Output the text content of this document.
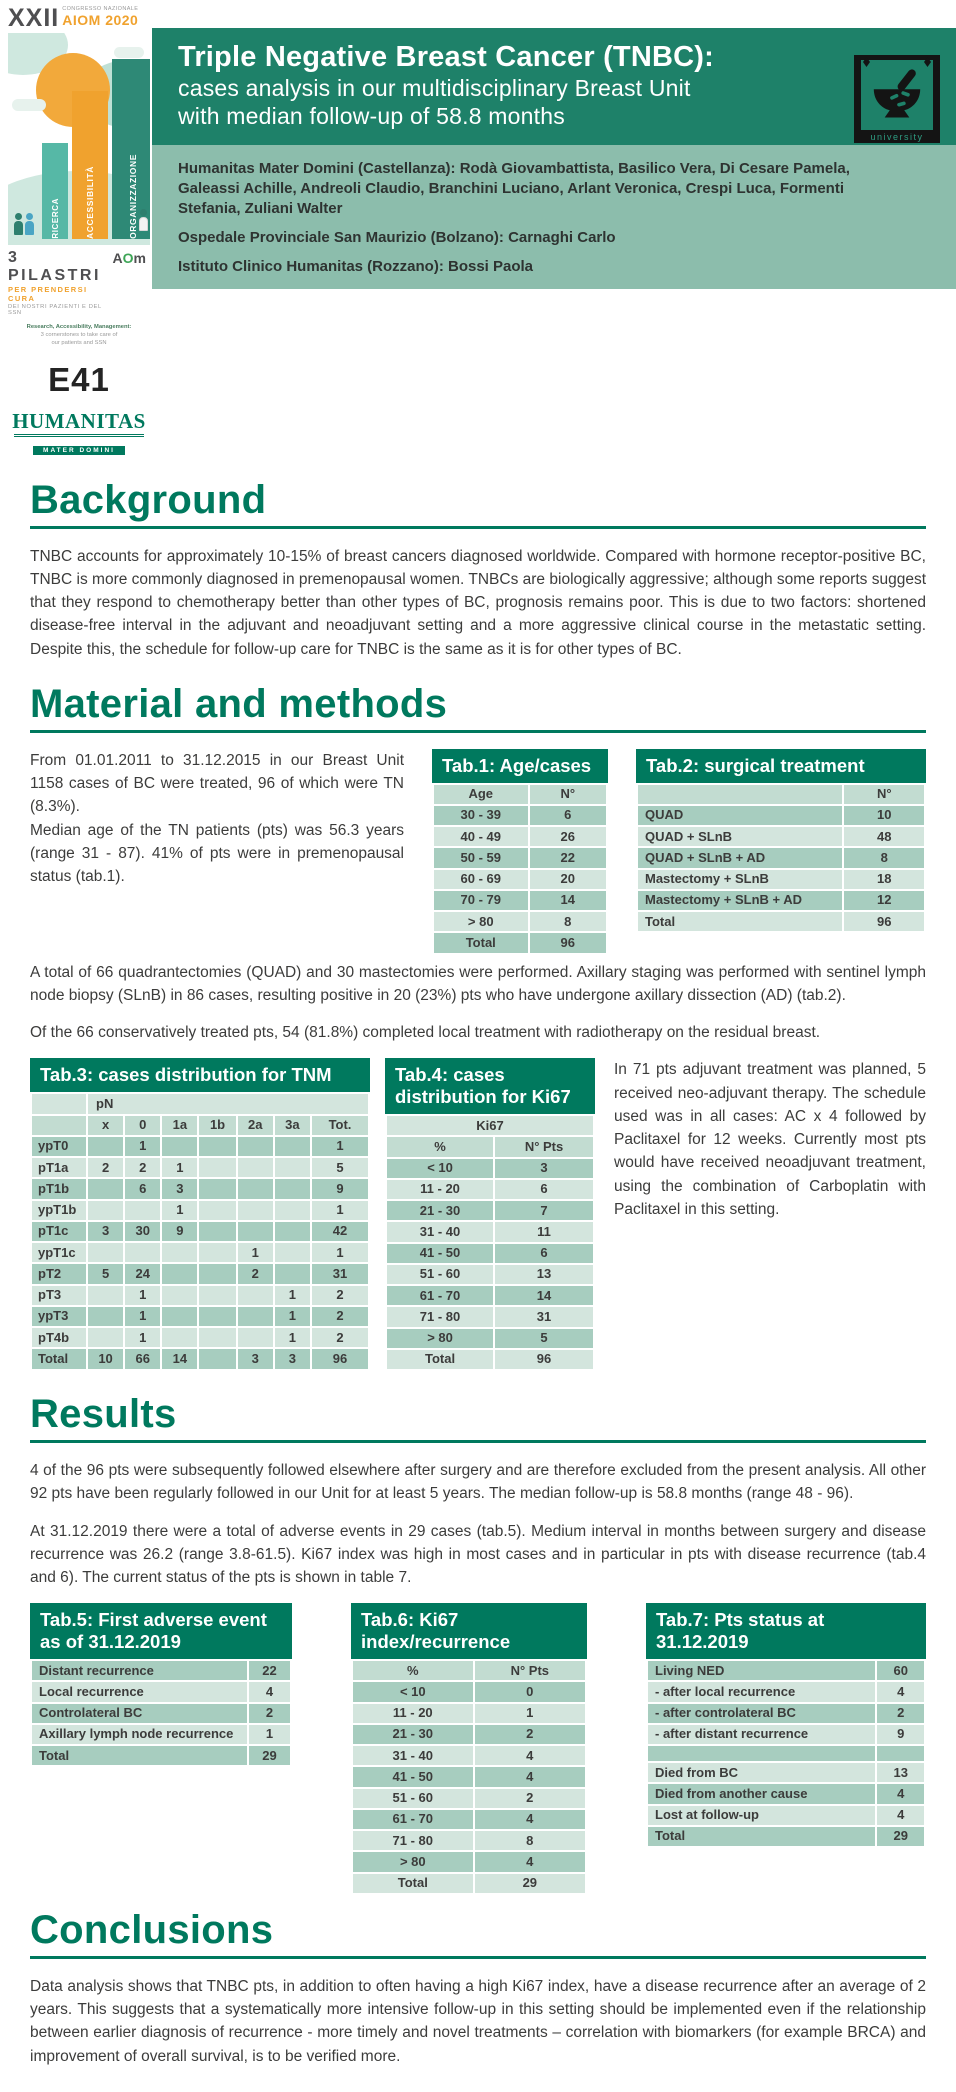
XXII CONGRESSO NAZIONALE
AIOM 2020
RICERCA	ACCESSIBILITÀ	ORGANIZZAZIONE
3 PILASTRI
PER PRENDERSI CURA
DEI NOSTRI PAZIENTI E DEL SSN
AOm
Research, Accessibility, Management:
3 cornerstones to take care of
our patients and SSN
E41
HUMANITAS
MATER DOMINI
Triple Negative Breast Cancer (TNBC):
cases analysis in our multidisciplinary Breast Unit
with median follow-up of 58.8 months
university

Humanitas Mater Domini (Castellanza): Rodà Giovambattista, Basilico Vera, Di Cesare Pamela, Galeassi Achille, Andreoli Claudio, Branchini Luciano, Arlant Veronica, Crespi Luca, Formenti Stefania, Zuliani Walter

Ospedale Provinciale San Maurizio (Bolzano): Carnaghi Carlo

Istituto Clinico Humanitas (Rozzano): Bossi Paola

Background

TNBC accounts for approximately 10-15% of breast cancers diagnosed worldwide. Compared with hormone receptor-positive BC, TNBC is more commonly diagnosed in premenopausal women. TNBCs are biologically aggressive; although some reports suggest that they respond to chemotherapy better than other types of BC, prognosis remains poor. This is due to two factors: shortened disease-free interval in the adjuvant and neoadjuvant setting and a more aggressive clinical course in the metastatic setting. Despite this, the schedule for follow-up care for TNBC is the same as it is for other types of BC.

Material and methods

From 01.01.2011 to 31.12.2015 in our Breast Unit 1158 cases of BC were treated, 96 of which were TN (8.3%).

Median age of the TN patients (pts) was 56.3 years (range 31 - 87). 41% of pts were in premenopausal status (tab.1).

Tab.1: Age/cases
Age	N°
30 - 39	6
40 - 49	26
50 - 59	22
60 - 69	20
70 - 79	14
> 80	8
Total	96
Tab.2: surgical treatment
	N°
QUAD	10
QUAD + SLnB	48
QUAD + SLnB + AD	8
Mastectomy + SLnB	18
Mastectomy + SLnB + AD	12
Total	96

A total of 66 quadrantectomies (QUAD) and 30 mastectomies were performed. Axillary staging was performed with sentinel lymph node biopsy (SLnB) in 86 cases, resulting positive in 20 (23%) pts who have undergone axillary dissection (AD) (tab.2).

Of the 66 conservatively treated pts, 54 (81.8%) completed local treatment with radiotherapy on the residual breast.

Tab.3: cases distribution for TNM
	pN						
	x	0	1a	1b	2a	3a	Tot.
ypT0		1					1
pT1a	2	2	1				5
pT1b		6	3				9
ypT1b			1				1
pT1c	3	30	9				42
ypT1c					1		1
pT2	5	24			2		31
pT3		1				1	2
ypT3		1				1	2
pT4b		1				1	2
Total	10	66	14		3	3	96
Tab.4: cases distribution for Ki67
Ki67	
%	N° Pts
< 10	3
11 - 20	6
21 - 30	7
31 - 40	11
41 - 50	6
51 - 60	13
61 - 70	14
71 - 80	31
> 80	5
Total	96

In 71 pts adjuvant treatment was planned, 5 received neo-adjuvant therapy. The schedule used was in all cases: AC x 4 followed by Paclitaxel for 12 weeks. Currently most pts would have received neoadjuvant treatment, using the combination of Carboplatin with Paclitaxel in this setting.

Results

4 of the 96 pts were subsequently followed elsewhere after surgery and are therefore excluded from the present analysis. All other 92 pts have been regularly followed in our Unit for at least 5 years. The median follow-up is 58.8 months (range 48 - 96).

At 31.12.2019 there were a total of adverse events in 29 cases (tab.5). Medium interval in months between surgery and disease recurrence was 26.2 (range 3.8-61.5). Ki67 index was high in most cases and in particular in pts with disease recurrence (tab.4 and 6). The current status of the pts is shown in table 7.

Tab.5: First adverse event as of 31.12.2019
Distant recurrence	22
Local recurrence	4
Controlateral BC	2
Axillary lymph node recurrence	1
Total	29
Tab.6: Ki67 index/recurrence
%	N° Pts
< 10	0
11 - 20	1
21 - 30	2
31 - 40	4
41 - 50	4
51 - 60	2
61 - 70	4
71 - 80	8
> 80	4
Total	29
Tab.7: Pts status at 31.12.2019
Living NED	60
- after local recurrence	4
- after controlateral BC	2
- after distant recurrence	9

Died from BC	13
Died from another cause	4
Lost at follow-up	4
Total	29
Conclusions

Data analysis shows that TNBC pts, in addition to often having a high Ki67 index, have a disease recurrence after an average of 2 years. This suggests that a systematically more intensive follow-up in this setting should be implemented even if the relationship between earlier diagnosis of recurrence - more timely and novel treatments – correlation with biomarkers (for example BRCA) and improvement of overall survival, is to be verified more.
